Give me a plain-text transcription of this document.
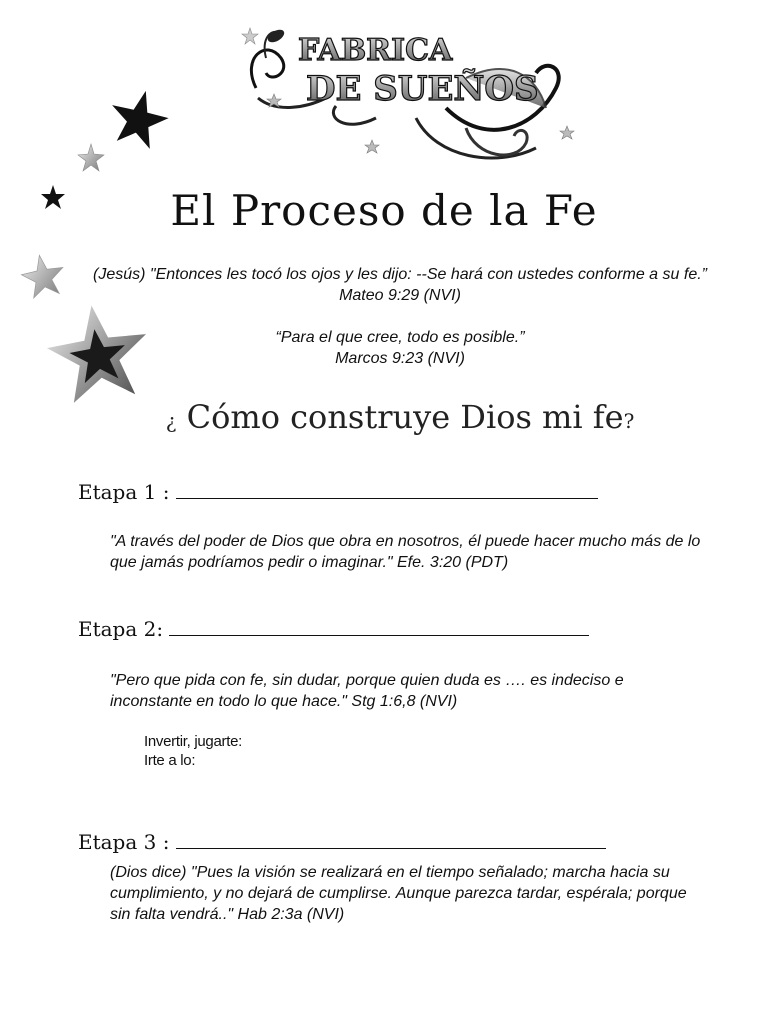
FABRICA
DE SUEÑOS
El Proceso de la Fe
(Jesús) "Entonces les tocó los ojos y les dijo: --Se hará con ustedes conforme a su fe.”
Mateo 9:29 (NVI)
“Para el que cree, todo es posible.”
Marcos 9:23 (NVI)
¿ Cómo construye Dios mi fe?
Etapa 1 :
"A través del poder de Dios que obra en nosotros, él puede hacer mucho más de lo
que jamás podríamos pedir o imaginar." Efe. 3:20 (PDT)
Etapa 2:
"Pero que pida con fe, sin dudar, porque quien duda es …. es indeciso e
inconstante en todo lo que hace." Stg 1:6,8 (NVI)
Invertir, jugarte:
Irte a lo:
Etapa 3 :
(Dios dice) "Pues la visión se realizará en el tiempo señalado; marcha hacia su
cumplimiento, y no dejará de cumplirse. Aunque parezca tardar, espérala; porque
sin falta vendrá.." Hab 2:3a (NVI)
